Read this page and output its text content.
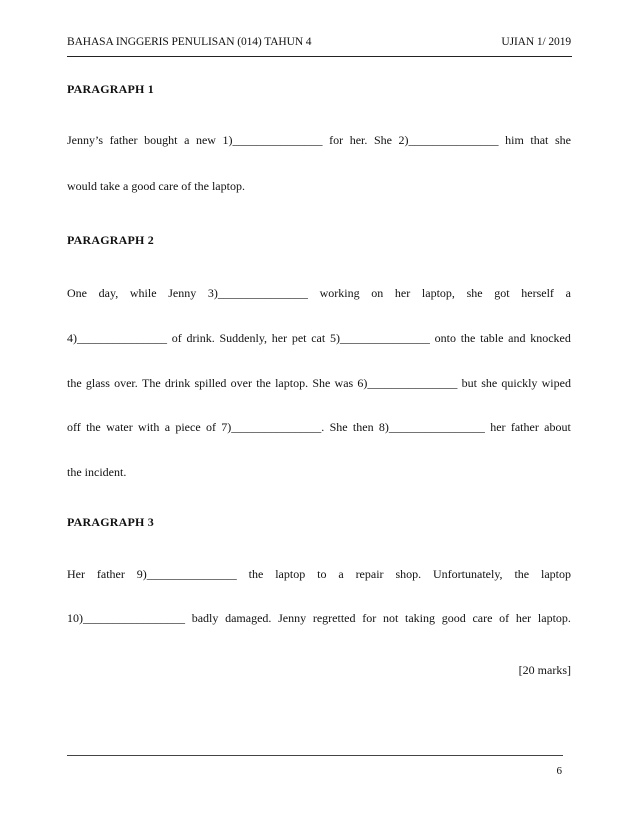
BAHASA INGGERIS PENULISAN (014) TAHUN 4	UJIAN 1/ 2019
PARAGRAPH 1
Jenny’s father bought a new 1)_______________ for her. She 2)_______________ him that she
would take a good care of the laptop.
PARAGRAPH 2
One day, while Jenny 3)_______________ working on her laptop, she got herself a
4)_______________ of drink. Suddenly, her pet cat 5)_______________ onto the table and knocked
the glass over. The drink spilled over the laptop. She was 6)_______________ but she quickly wiped
off the water with a piece of 7)_______________. She then 8)________________ her father about
the incident.
PARAGRAPH 3
Her father 9)_______________ the laptop to a repair shop. Unfortunately, the laptop
10)_________________ badly damaged. Jenny regretted for not taking good care of her laptop.
[20 marks]
6
